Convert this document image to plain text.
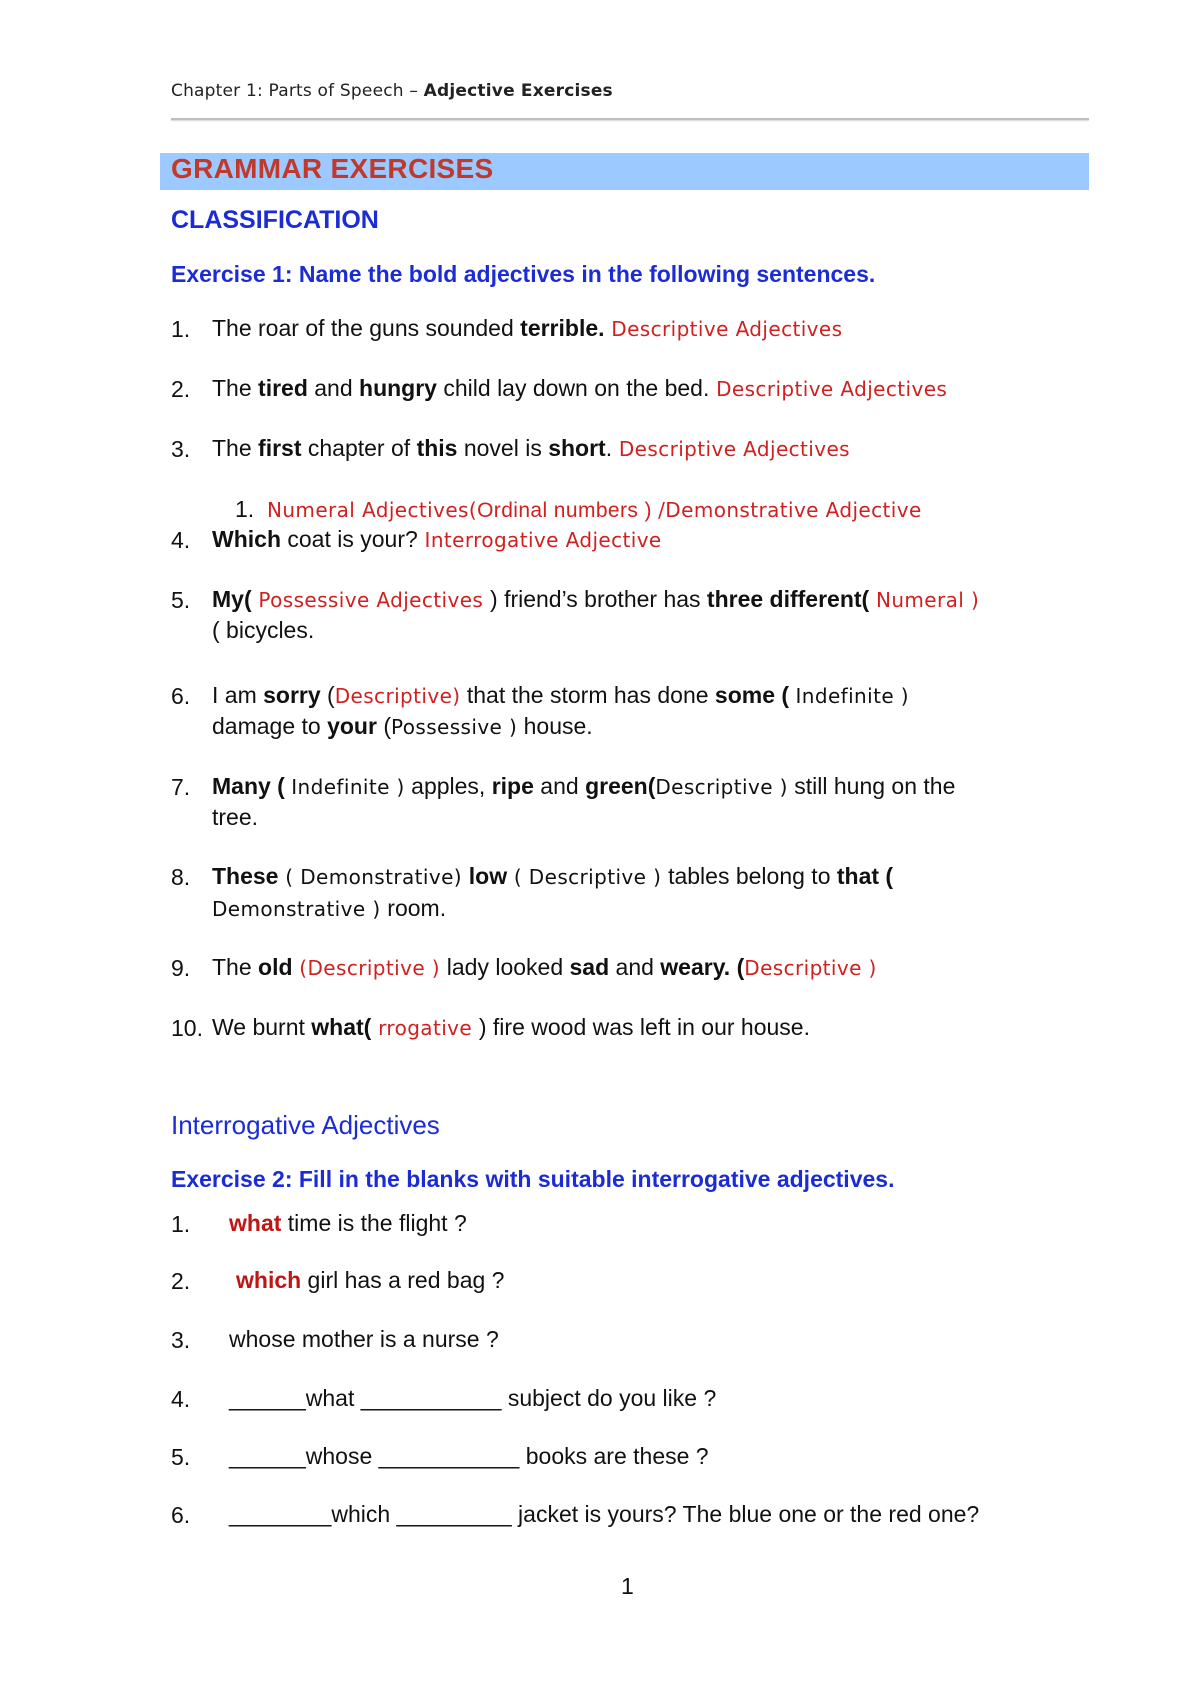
Chapter 1: Parts of Speech – Adjective Exercises
GRAMMAR EXERCISES
CLASSIFICATION
Exercise 1: Name the bold adjectives in the following sentences.
1. The roar of the guns sounded terrible. Descriptive Adjectives
2. The tired and hungry child lay down on the bed. Descriptive Adjectives
3. The first chapter of this novel is short. Descriptive Adjectives
1. Numeral Adjectives(Ordinal numbers ) /Demonstrative Adjective
4. Which coat is your? Interrogative Adjective
5. My( Possessive Adjectives ) friend’s brother has three different( Numeral )
( bicycles.
6. I am sorry (Descriptive) that the storm has done some ( Indefinite )
damage to your (Possessive ) house.
7. Many ( Indefinite ) apples, ripe and green(Descriptive ) still hung on the
tree.
8. These ( Demonstrative) low ( Descriptive ) tables belong to that (
Demonstrative ) room.
9. The old (Descriptive ) lady looked sad and weary. (Descriptive )
10. We burnt what( rrogative ) fire wood was left in our house.
Interrogative Adjectives
Exercise 2: Fill in the blanks with suitable interrogative adjectives.
1. what time is the flight ?
2. which girl has a red bag ?
3. whose mother is a nurse ?
4. ______what ___________ subject do you like ?
5. ______whose ___________ books are these ?
6. ________which _________ jacket is yours? The blue one or the red one?
1
